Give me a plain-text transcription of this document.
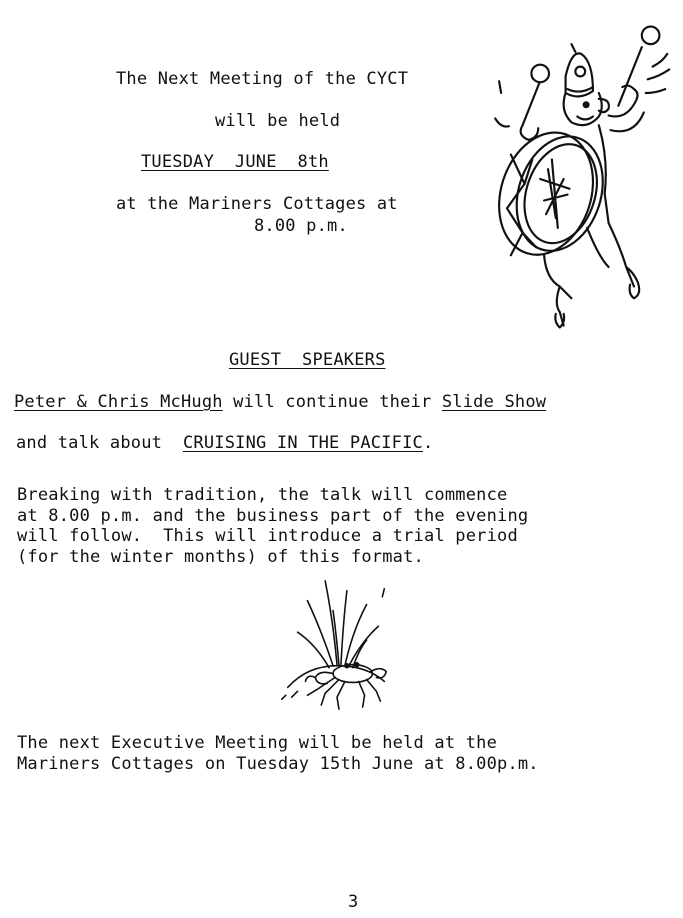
The Next Meeting of the CYCT
will be held
TUESDAY  JUNE  8th
at the Mariners Cottages at
8.00 p.m.
GUEST  SPEAKERS
Peter & Chris McHugh will continue their Slide Show
and talk about  CRUISING IN THE PACIFIC.
Breaking with tradition, the talk will commence
at 8.00 p.m. and the business part of the evening
will follow.  This will introduce a trial period
(for the winter months) of this format.
The next Executive Meeting will be held at the
Mariners Cottages on Tuesday 15th June at 8.00p.m.
3
